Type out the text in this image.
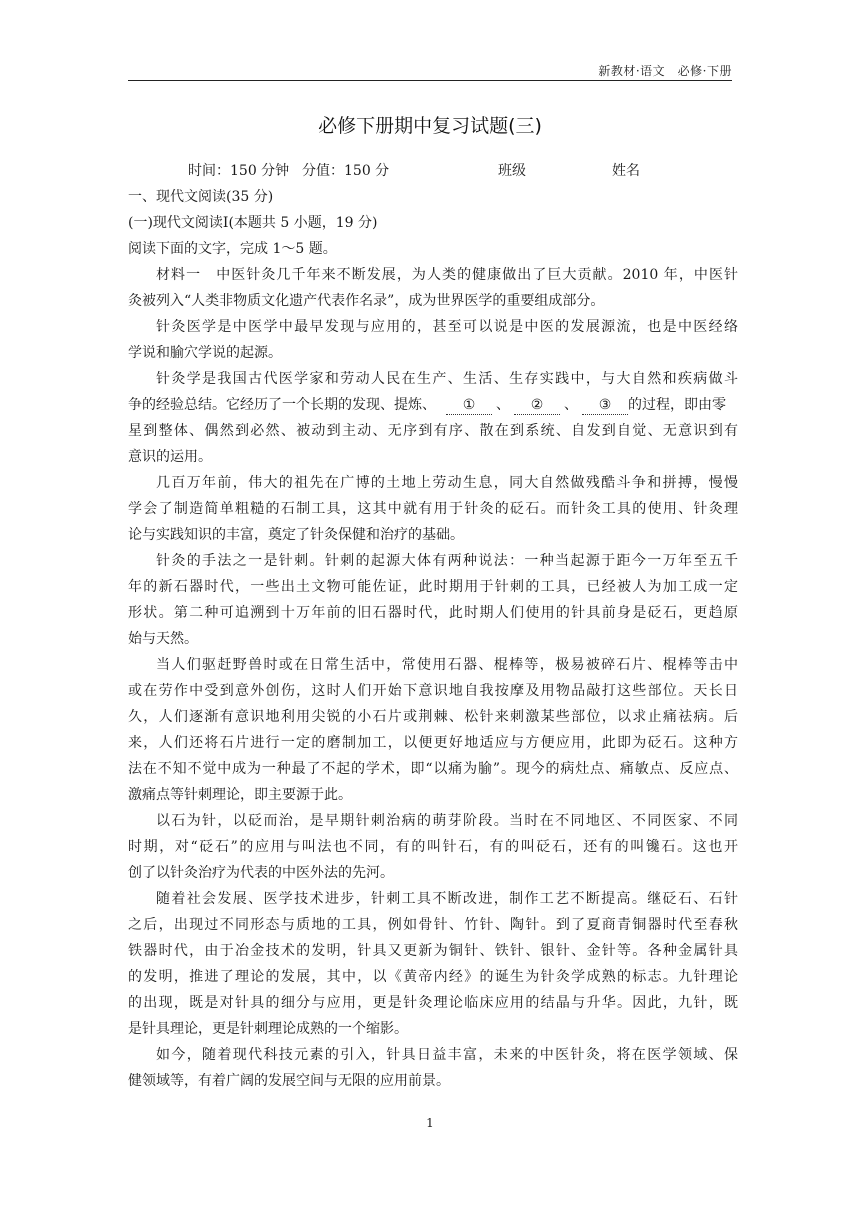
新教材·语文　必修·下册
必修下册期中复习试题(三)
时间：150 分钟 分值：150 分	班级	姓名
一、现代文阅读(35 分)
(一)现代文阅读Ⅰ(本题共 5 小题，19 分)
阅读下面的文字，完成 1～5 题。
材料一　中医针灸几千年来不断发展，为人类的健康做出了巨大贡献。2010 年，中医针
灸被列入“人类非物质文化遗产代表作名录”，成为世界医学的重要组成部分。
针灸医学是中医学中最早发现与应用的，甚至可以说是中医的发展源流，也是中医经络
学说和腧穴学说的起源。
针灸学是我国古代医学家和劳动人民在生产、生活、生存实践中，与大自然和疾病做斗
争的经验总结。它经历了一个长期的发现、提炼、 ① 、 ② 、 ③ 的过程，即由零
星到整体、偶然到必然、被动到主动、无序到有序、散在到系统、自发到自觉、无意识到有
意识的运用。
几百万年前，伟大的祖先在广博的土地上劳动生息，同大自然做残酷斗争和拼搏，慢慢
学会了制造简单粗糙的石制工具，这其中就有用于针灸的砭石。而针灸工具的使用、针灸理
论与实践知识的丰富，奠定了针灸保健和治疗的基础。
针灸的手法之一是针刺。针刺的起源大体有两种说法：一种当起源于距今一万年至五千
年的新石器时代，一些出土文物可能佐证，此时期用于针刺的工具，已经被人为加工成一定
形状。第二种可追溯到十万年前的旧石器时代，此时期人们使用的针具前身是砭石，更趋原
始与天然。
当人们驱赶野兽时或在日常生活中，常使用石器、棍棒等，极易被碎石片、棍棒等击中
或在劳作中受到意外创伤，这时人们开始下意识地自我按摩及用物品敲打这些部位。天长日
久，人们逐渐有意识地利用尖锐的小石片或荆棘、松针来刺激某些部位，以求止痛祛病。后
来，人们还将石片进行一定的磨制加工，以便更好地适应与方便应用，此即为砭石。这种方
法在不知不觉中成为一种最了不起的学术，即“以痛为腧”。现今的病灶点、痛敏点、反应点、
激痛点等针刺理论，即主要源于此。
以石为针，以砭而治，是早期针刺治病的萌芽阶段。当时在不同地区、不同医家、不同
时期，对“砭石”的应用与叫法也不同，有的叫针石，有的叫砭石，还有的叫镵石。这也开
创了以针灸治疗为代表的中医外法的先河。
随着社会发展、医学技术进步，针刺工具不断改进，制作工艺不断提高。继砭石、石针
之后，出现过不同形态与质地的工具，例如骨针、竹针、陶针。到了夏商青铜器时代至春秋
铁器时代，由于冶金技术的发明，针具又更新为铜针、铁针、银针、金针等。各种金属针具
的发明，推进了理论的发展，其中，以《黄帝内经》的诞生为针灸学成熟的标志。九针理论
的出现，既是对针具的细分与应用，更是针灸理论临床应用的结晶与升华。因此，九针，既
是针具理论，更是针刺理论成熟的一个缩影。
如今，随着现代科技元素的引入，针具日益丰富，未来的中医针灸，将在医学领域、保
健领域等，有着广阔的发展空间与无限的应用前景。
1
